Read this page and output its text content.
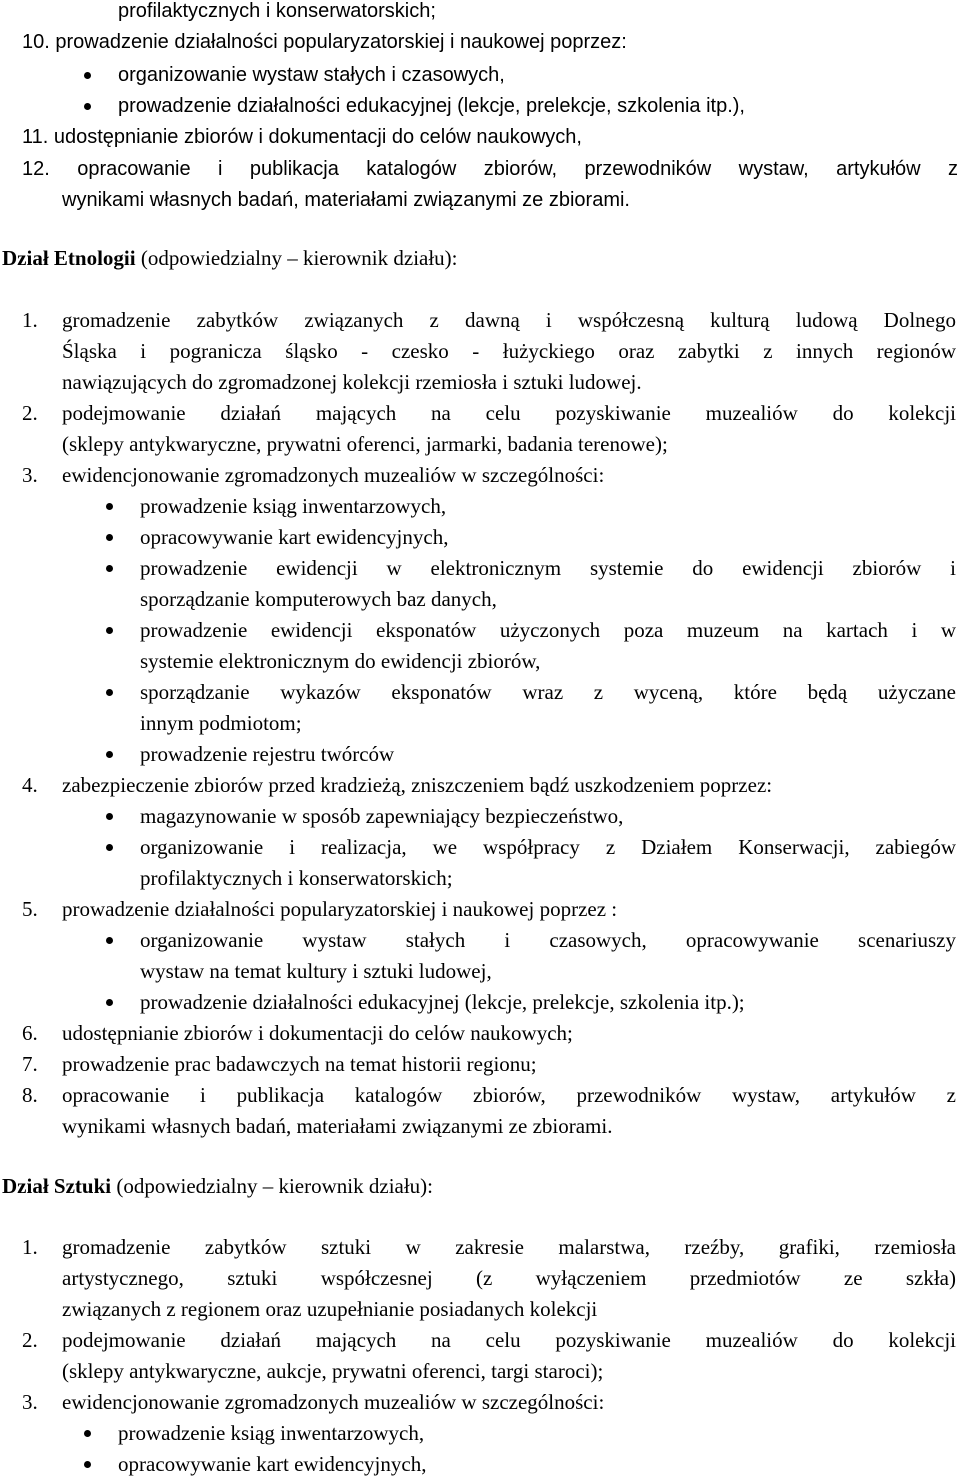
profilaktycznych i konserwatorskich;
10. prowadzenie działalności popularyzatorskiej i naukowej poprzez:
organizowanie wystaw stałych i czasowych,
prowadzenie działalności edukacyjnej (lekcje, prelekcje, szkolenia itp.),
11. udostępnianie zbiorów i dokumentacji do celów naukowych,
12. opracowanie i publikacja katalogów zbiorów, przewodników wystaw, artykułów z
wynikami własnych badań, materiałami związanymi ze zbiorami.
Dział Etnologii (odpowiedzialny – kierownik działu):
1. gromadzenie zabytków związanych z dawną i współczesną kulturą ludową Dolnego
Śląska i pogranicza śląsko - czesko - łużyckiego oraz zabytki z innych regionów
nawiązujących do zgromadzonej kolekcji rzemiosła i sztuki ludowej.
2. podejmowanie działań mających na celu pozyskiwanie muzealiów do kolekcji
(sklepy antykwaryczne, prywatni oferenci, jarmarki, badania terenowe);
3. ewidencjonowanie zgromadzonych muzealiów w szczególności:
prowadzenie ksiąg inwentarzowych,
opracowywanie kart ewidencyjnych,
prowadzenie ewidencji w elektronicznym systemie do ewidencji zbiorów i
sporządzanie komputerowych baz danych,
prowadzenie ewidencji eksponatów użyczonych poza muzeum na kartach i w
systemie elektronicznym do ewidencji zbiorów,
sporządzanie wykazów eksponatów wraz z wyceną, które będą użyczane
innym podmiotom;
prowadzenie rejestru twórców
4. zabezpieczenie zbiorów przed kradzieżą, zniszczeniem bądź uszkodzeniem poprzez:
magazynowanie w sposób zapewniający bezpieczeństwo,
organizowanie i realizacja, we współpracy z Działem Konserwacji, zabiegów
profilaktycznych i konserwatorskich;
5. prowadzenie działalności popularyzatorskiej i naukowej poprzez :
organizowanie wystaw stałych i czasowych, opracowywanie scenariuszy
wystaw na temat kultury i sztuki ludowej,
prowadzenie działalności edukacyjnej (lekcje, prelekcje, szkolenia itp.);
6. udostępnianie zbiorów i dokumentacji do celów naukowych;
7. prowadzenie prac badawczych na temat historii regionu;
8. opracowanie i publikacja katalogów zbiorów, przewodników wystaw, artykułów z
wynikami własnych badań, materiałami związanymi ze zbiorami.
Dział Sztuki (odpowiedzialny – kierownik działu):
1. gromadzenie zabytków sztuki w zakresie malarstwa, rzeźby, grafiki, rzemiosła
artystycznego, sztuki współczesnej (z wyłączeniem przedmiotów ze szkła)
związanych z regionem oraz uzupełnianie posiadanych kolekcji
2. podejmowanie działań mających na celu pozyskiwanie muzealiów do kolekcji
(sklepy antykwaryczne, aukcje, prywatni oferenci, targi staroci);
3. ewidencjonowanie zgromadzonych muzealiów w szczególności:
prowadzenie ksiąg inwentarzowych,
opracowywanie kart ewidencyjnych,
